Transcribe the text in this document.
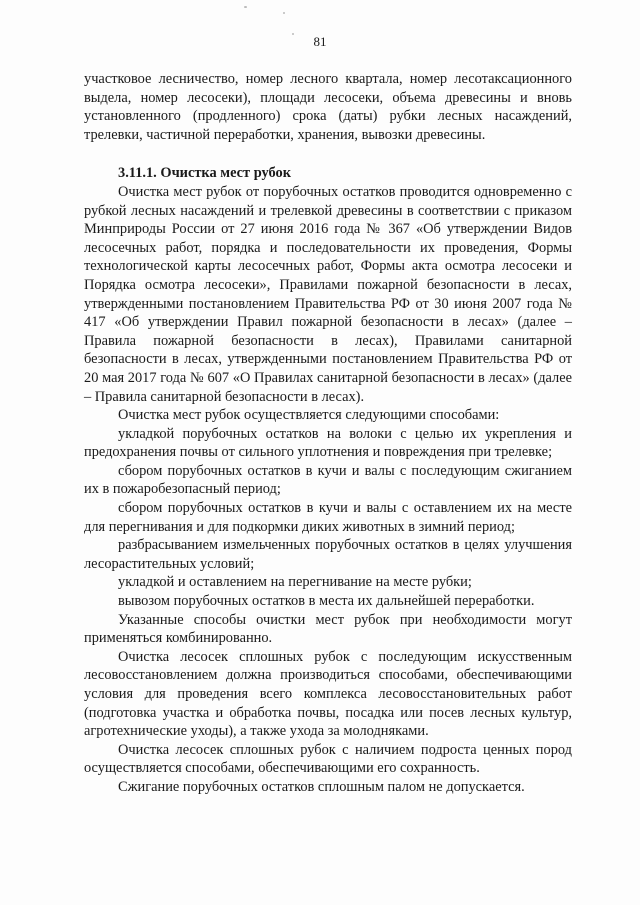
81

участковое лесничество, номер лесного квартала, номер лесотаксационного выдела, номер лесосеки), площади лесосеки, объема древесины и вновь установленного (продленного) срока (даты) рубки лесных насаждений, трелевки, частичной переработки, хранения, вывозки древесины.

3.11.1. Очистка мест рубок

Очистка мест рубок от порубочных остатков проводится одновременно с рубкой лесных насаждений и трелевкой древесины в соответствии с приказом Минприроды России от 27 июня 2016 года № 367 «Об утверждении Видов лесосечных работ, порядка и последовательности их проведения, Формы технологической карты лесосечных работ, Формы акта осмотра лесосеки и Порядка осмотра лесосеки», Правилами пожарной безопасности в лесах, утвержденными постановлением Правительства РФ от 30 июня 2007 года № 417 «Об утверждении Правил пожарной безопасности в лесах» (далее – Правила пожарной безопасности в лесах), Правилами санитарной безопасности в лесах, утвержденными постановлением Правительства РФ от 20 мая 2017 года № 607 «О Правилах санитарной безопасности в лесах» (далее – Правила санитарной безопасности в лесах).

Очистка мест рубок осуществляется следующими способами:

укладкой порубочных остатков на волоки с целью их укрепления и предохранения почвы от сильного уплотнения и повреждения при трелевке;

сбором порубочных остатков в кучи и валы с последующим сжиганием их в пожаробезопасный период;

сбором порубочных остатков в кучи и валы с оставлением их на месте для перегнивания и для подкормки диких животных в зимний период;

разбрасыванием измельченных порубочных остатков в целях улучшения лесорастительных условий;

укладкой и оставлением на перегнивание на месте рубки;

вывозом порубочных остатков в места их дальнейшей переработки.

Указанные способы очистки мест рубок при необходимости могут применяться комбинированно.

Очистка лесосек сплошных рубок с последующим искусственным лесовосстановлением должна производиться способами, обеспечивающими условия для проведения всего комплекса лесовосстановительных работ (подготовка участка и обработка почвы, посадка или посев лесных культур, агротехнические уходы), а также ухода за молодняками.

Очистка лесосек сплошных рубок с наличием подроста ценных пород осуществляется способами, обеспечивающими его сохранность.

Сжигание порубочных остатков сплошным палом не допускается.
